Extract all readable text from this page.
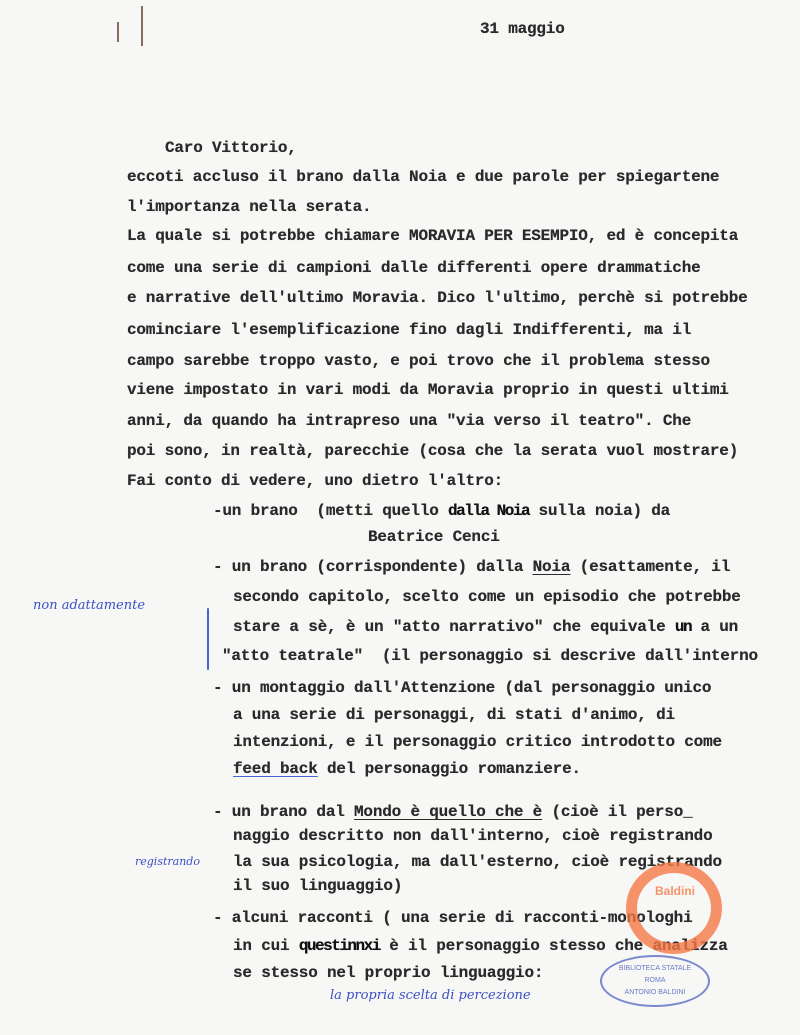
31 maggio
Caro Vittorio,
eccoti accluso il brano dalla Noia e due parole per spiegartene
l'importanza nella serata.
La quale si potrebbe chiamare MORAVIA PER ESEMPIO, ed è concepita
come una serie di campioni dalle differenti opere drammatiche
e narrative dell'ultimo Moravia. Dico l'ultimo, perchè si potrebbe
cominciare l'esemplificazione fino dagli Indifferenti, ma il
campo sarebbe troppo vasto, e poi trovo che il problema stesso
viene impostato in vari modi da Moravia proprio in questi ultimi
anni, da quando ha intrapreso una "via verso il teatro". Che
poi sono, in realtà, parecchie (cosa che la serata vuol mostrare)
Fai conto di vedere, uno dietro l'altro:
-un brano  (metti quello dalla Noia sulla noia) da
Beatrice Cenci
- un brano (corrispondente) dalla Noia (esattamente, il
secondo capitolo, scelto come un episodio che potrebbe
stare a sè, è un "atto narrativo" che equivale un a un
"atto teatrale"  (il personaggio si descrive dall'interno
- un montaggio dall'Attenzione (dal personaggio unico
a una serie di personaggi, di stati d'animo, di
intenzioni, e il personaggio critico introdotto come
feed back del personaggio romanziere.
- un brano dal Mondo è quello che è (cioè il perso_
naggio descritto non dall'interno, cioè registrando
la sua psicologia, ma dall'esterno, cioè registrando
il suo linguaggio)
- alcuni racconti ( una serie di racconti-monologhi
in cui questinnxi è il personaggio stesso che analizza
se stesso nel proprio linguaggio:
non adattamente
registrando
la propria scelta di percezione
Baldini
BIBLIOTECA STATALE
ROMA
ANTONIO BALDINI
